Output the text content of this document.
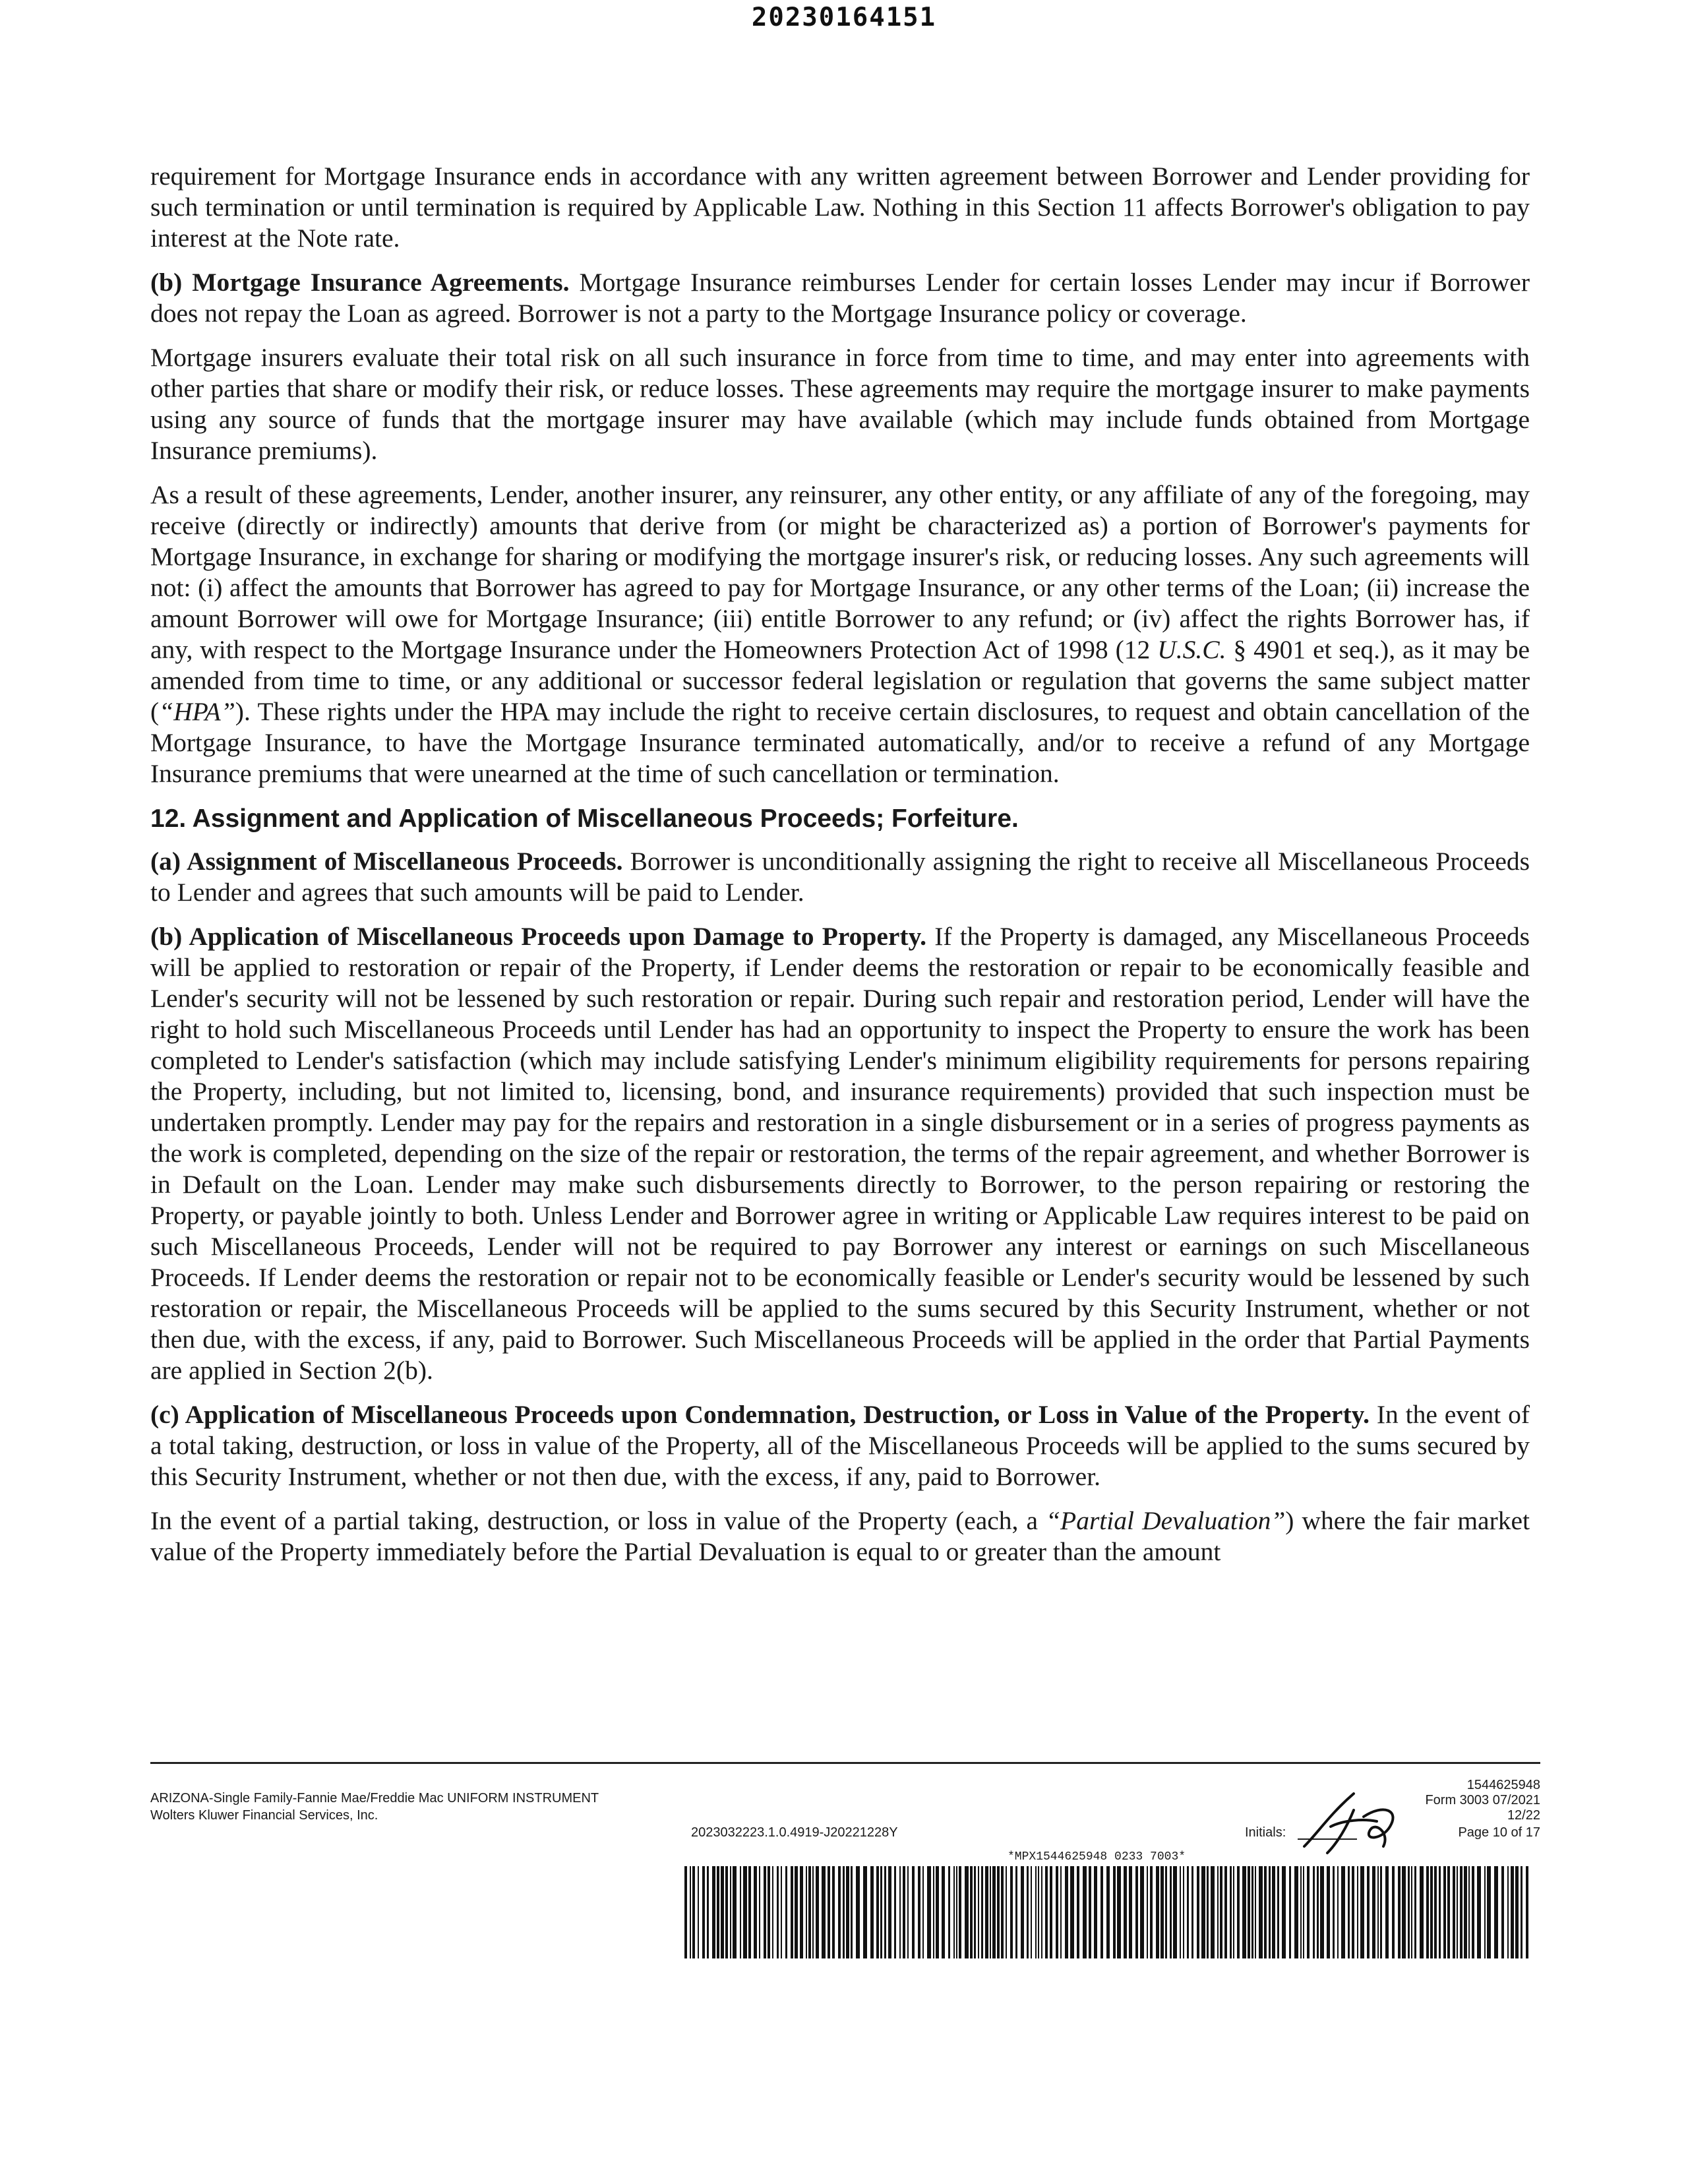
20230164151

requirement for Mortgage Insurance ends in accordance with any written agreement between Borrower and Lender providing for such termination or until termination is required by Applicable Law. Nothing in this Section 11 affects Borrower's obligation to pay interest at the Note rate.

(b) Mortgage Insurance Agreements. Mortgage Insurance reimburses Lender for certain losses Lender may incur if Borrower does not repay the Loan as agreed. Borrower is not a party to the Mortgage Insurance policy or coverage.

Mortgage insurers evaluate their total risk on all such insurance in force from time to time, and may enter into agreements with other parties that share or modify their risk, or reduce losses. These agreements may require the mortgage insurer to make payments using any source of funds that the mortgage insurer may have available (which may include funds obtained from Mortgage Insurance premiums).

As a result of these agreements, Lender, another insurer, any reinsurer, any other entity, or any affiliate of any of the foregoing, may receive (directly or indirectly) amounts that derive from (or might be characterized as) a portion of Borrower's payments for Mortgage Insurance, in exchange for sharing or modifying the mortgage insurer's risk, or reducing losses. Any such agreements will not: (i) affect the amounts that Borrower has agreed to pay for Mortgage Insurance, or any other terms of the Loan; (ii) increase the amount Borrower will owe for Mortgage Insurance; (iii) entitle Borrower to any refund; or (iv) affect the rights Borrower has, if any, with respect to the Mortgage Insurance under the Homeowners Protection Act of 1998 (12 U.S.C. § 4901 et seq.), as it may be amended from time to time, or any additional or successor federal legislation or regulation that governs the same subject matter (“HPA”). These rights under the HPA may include the right to receive certain disclosures, to request and obtain cancellation of the Mortgage Insurance, to have the Mortgage Insurance terminated automatically, and/or to receive a refund of any Mortgage Insurance premiums that were unearned at the time of such cancellation or termination.

12. Assignment and Application of Miscellaneous Proceeds; Forfeiture.

(a) Assignment of Miscellaneous Proceeds. Borrower is unconditionally assigning the right to receive all Miscellaneous Proceeds to Lender and agrees that such amounts will be paid to Lender.

(b) Application of Miscellaneous Proceeds upon Damage to Property. If the Property is damaged, any Miscellaneous Proceeds will be applied to restoration or repair of the Property, if Lender deems the restoration or repair to be economically feasible and Lender's security will not be lessened by such restoration or repair. During such repair and restoration period, Lender will have the right to hold such Miscellaneous Proceeds until Lender has had an opportunity to inspect the Property to ensure the work has been completed to Lender's satisfaction (which may include satisfying Lender's minimum eligibility requirements for persons repairing the Property, including, but not limited to, licensing, bond, and insurance requirements) provided that such inspection must be undertaken promptly. Lender may pay for the repairs and restoration in a single disbursement or in a series of progress payments as the work is completed, depending on the size of the repair or restoration, the terms of the repair agreement, and whether Borrower is in Default on the Loan. Lender may make such disbursements directly to Borrower, to the person repairing or restoring the Property, or payable jointly to both. Unless Lender and Borrower agree in writing or Applicable Law requires interest to be paid on such Miscellaneous Proceeds, Lender will not be required to pay Borrower any interest or earnings on such Miscellaneous Proceeds. If Lender deems the restoration or repair not to be economically feasible or Lender's security would be lessened by such restoration or repair, the Miscellaneous Proceeds will be applied to the sums secured by this Security Instrument, whether or not then due, with the excess, if any, paid to Borrower. Such Miscellaneous Proceeds will be applied in the order that Partial Payments are applied in Section 2(b).

(c) Application of Miscellaneous Proceeds upon Condemnation, Destruction, or Loss in Value of the Property. In the event of a total taking, destruction, or loss in value of the Property, all of the Miscellaneous Proceeds will be applied to the sums secured by this Security Instrument, whether or not then due, with the excess, if any, paid to Borrower.

In the event of a partial taking, destruction, or loss in value of the Property (each, a “Partial Devaluation”) where the fair market value of the Property immediately before the Partial Devaluation is equal to or greater than the amount

ARIZONA-Single Family-Fannie Mae/Freddie Mac UNIFORM INSTRUMENT
Wolters Kluwer Financial Services, Inc.
2023032223.1.0.4919-J20221228Y
1544625948
Form 3003 07/2021
12/22
Initials:	Page 10 of 17
*MPX1544625948 0233 7003*
